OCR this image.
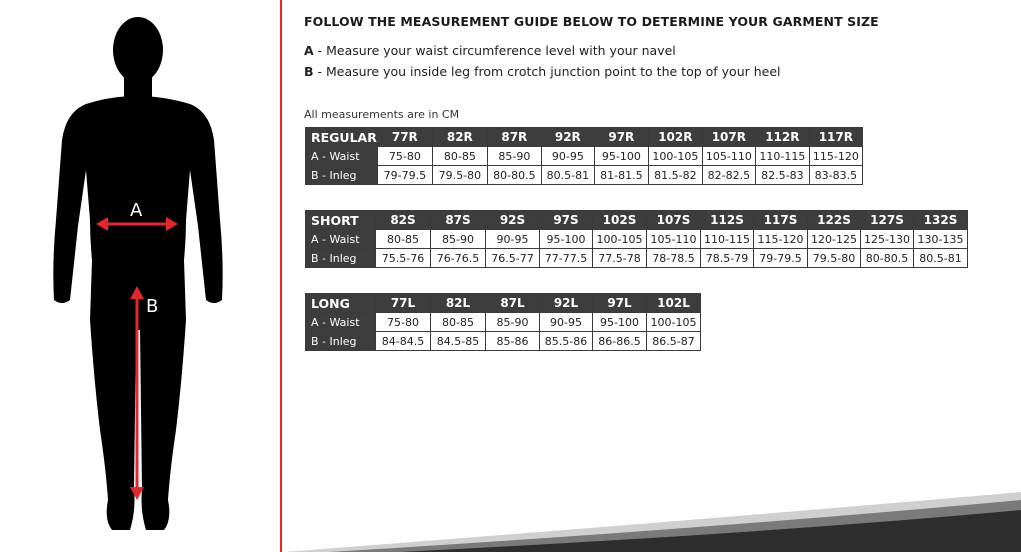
A
B
FOLLOW THE MEASUREMENT GUIDE BELOW TO DETERMINE YOUR GARMENT SIZE
A - Measure your waist circumference level with your navel
B - Measure you inside leg from crotch junction point to the top of your heel
All measurements are in CM
REGULAR	77R	82R	87R	92R	97R	102R	107R	112R	117R
A - Waist	75-80	80-85	85-90	90-95	95-100	100-105	105-110	110-115	115-120
B - Inleg	79-79.5	79.5-80	80-80.5	80.5-81	81-81.5	81.5-82	82-82.5	82.5-83	83-83.5
SHORT	82S	87S	92S	97S	102S	107S	112S	117S	122S	127S	132S
A - Waist	80-85	85-90	90-95	95-100	100-105	105-110	110-115	115-120	120-125	125-130	130-135
B - Inleg	75.5-76	76-76.5	76.5-77	77-77.5	77.5-78	78-78.5	78.5-79	79-79.5	79.5-80	80-80.5	80.5-81
LONG	77L	82L	87L	92L	97L	102L
A - Waist	75-80	80-85	85-90	90-95	95-100	100-105
B - Inleg	84-84.5	84.5-85	85-86	85.5-86	86-86.5	86.5-87
